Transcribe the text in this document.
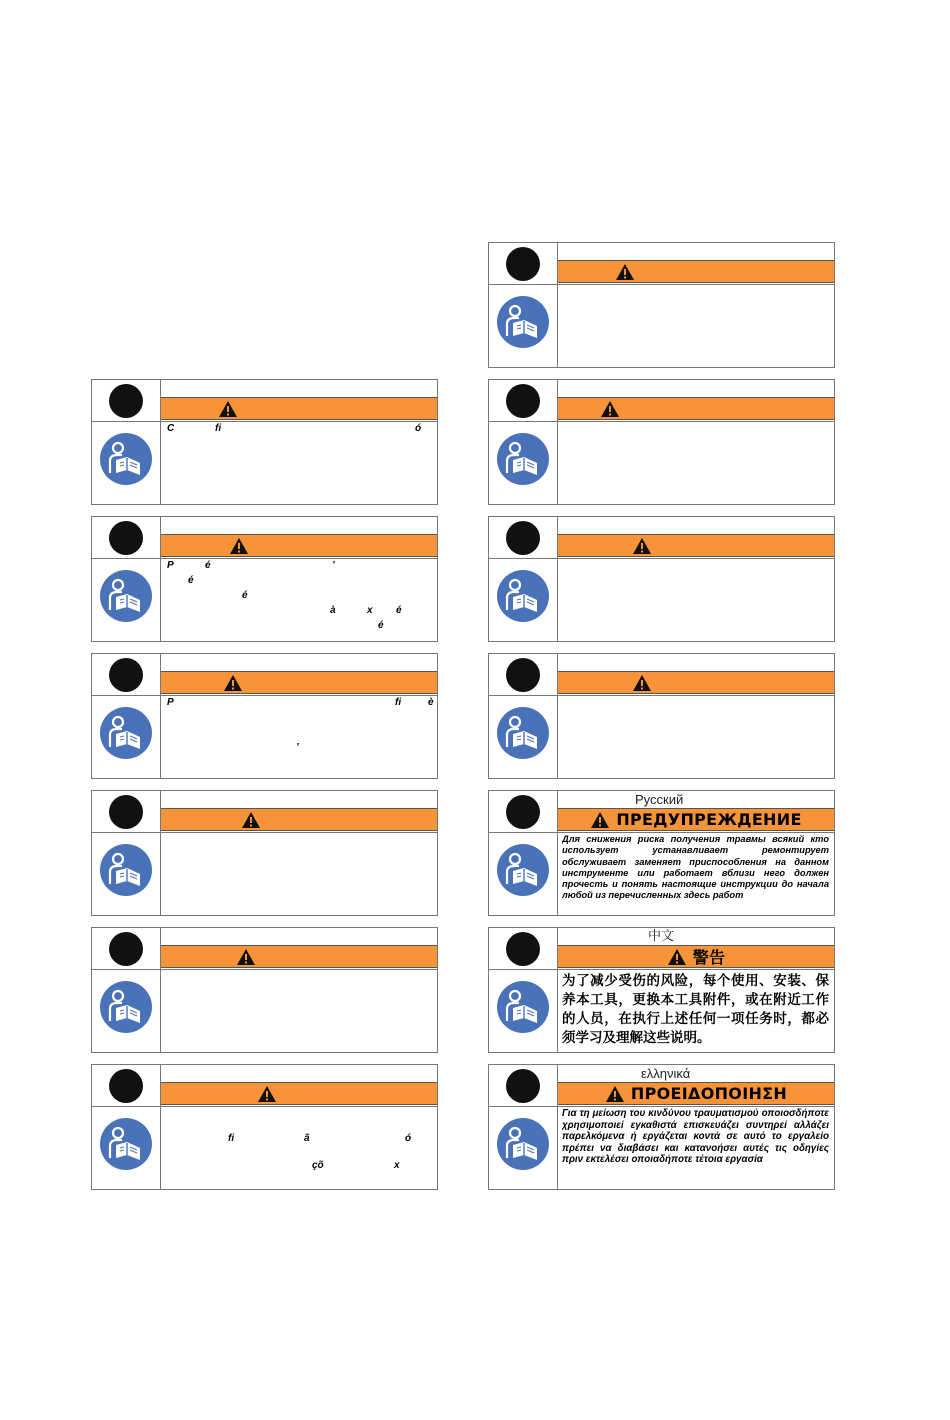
Русский
ПРЕДУПРЕЖДЕНИЕ
Для снижения риска получения травмы всякий кто использует устанавливает ремонтирует обслуживает заменяет приспособления на данном инструменте или работает вблизи него должен прочесть и понять настоящие инструкции до начала любой из перечисленных здесь работ
中文
警告
为了减少受伤的风险，每个使用、安装、保养本工具，更换本工具附件，或在附近工作的人员，在执行上述任何一项任务时，都必须学习及理解这些说明。
ελληνικά
ΠΡΟΕΙΔΟΠΟΙΗΣΗ
Για τη μείωση του κινδύνου τραυματισμού οποιοσδήποτε χρησιμοποιεί εγκαθιστά επισκευάζει συντηρεί αλλάζει παρελκόμενα ή εργάζεται κοντά σε αυτό το εργαλείο πρέπει να διαβάσει και κατανοήσει αυτές τις οδηγίες πριν εκτελέσει οποιαδήποτε τέτοια εργασία
C	fi	ó
P	é	’
é
é
à	x é
é
P	fi	è
’
fi	ã	ó
çõ	x
